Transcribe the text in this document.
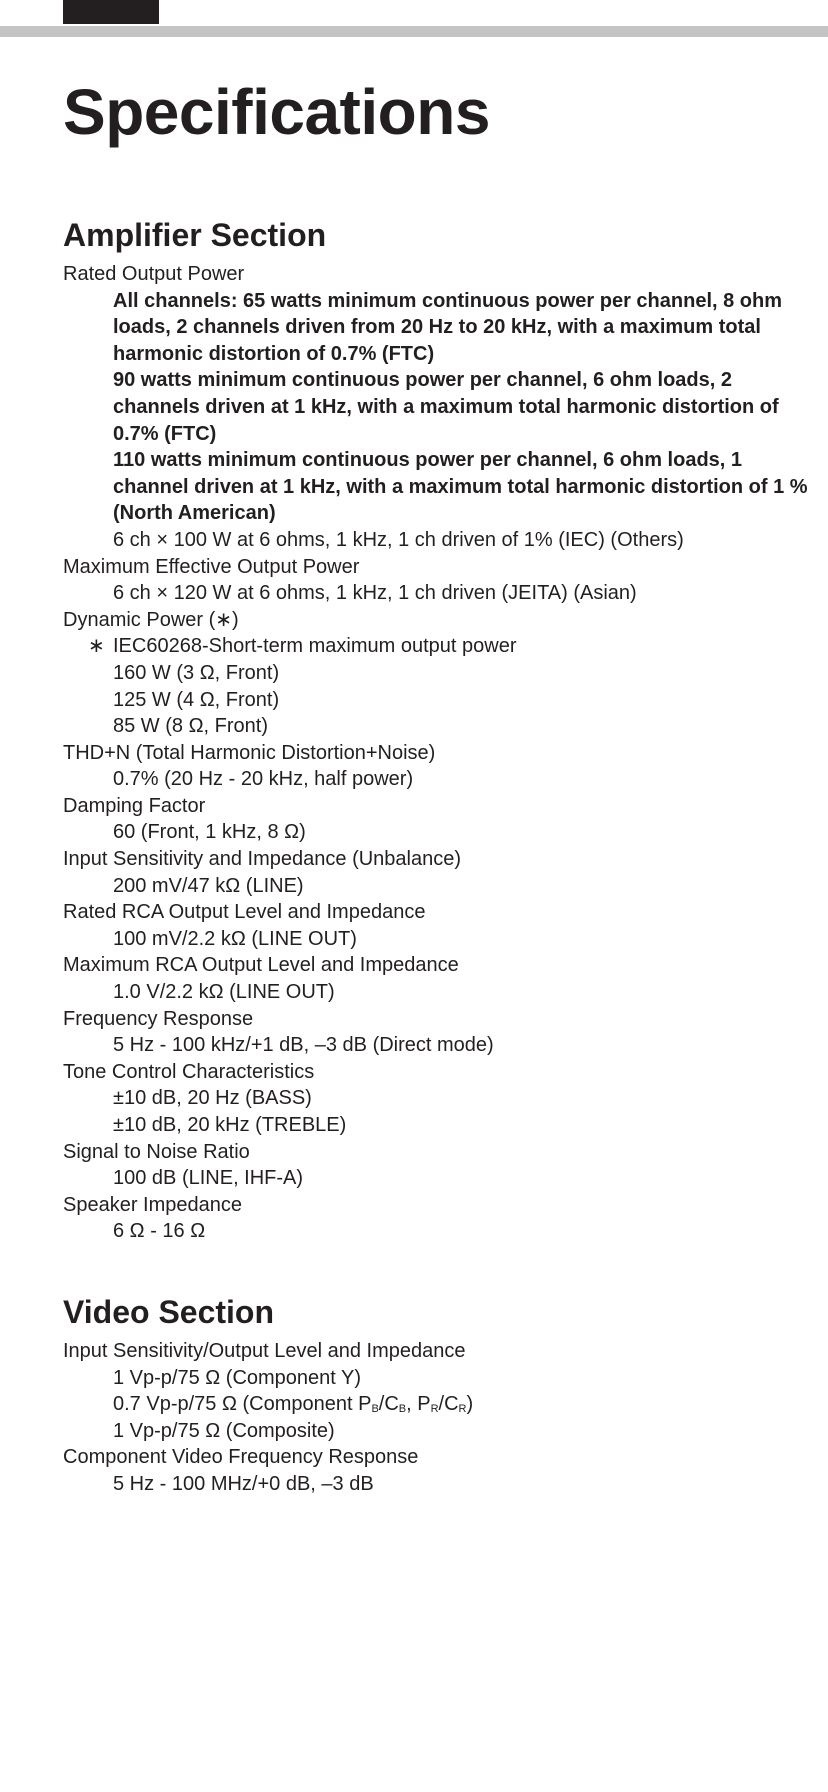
Specifications
Amplifier Section

Rated Output Power

All channels: 65 watts minimum continuous power per channel, 8 ohm loads, 2 channels driven from 20 Hz to 20 kHz, with a maximum total harmonic distortion of 0.7% (FTC)

90 watts minimum continuous power per channel, 6 ohm loads, 2 channels driven at 1 kHz, with a maximum total harmonic distortion of 0.7% (FTC)

110 watts minimum continuous power per channel, 6 ohm loads, 1 channel driven at 1 kHz, with a maximum total harmonic distortion of 1 %

(North American)

6 ch × 100 W at 6 ohms, 1 kHz, 1 ch driven of 1% (IEC) (Others)

Maximum Effective Output Power

6 ch × 120 W at 6 ohms, 1 kHz, 1 ch driven (JEITA) (Asian)

Dynamic Power (∗)

∗ IEC60268-Short-term maximum output power

160 W (3 Ω, Front)

125 W (4 Ω, Front)

85 W (8 Ω, Front)

THD+N (Total Harmonic Distortion+Noise)

0.7% (20 Hz - 20 kHz, half power)

Damping Factor

60 (Front, 1 kHz, 8 Ω)

Input Sensitivity and Impedance (Unbalance)

200 mV/47 kΩ (LINE)

Rated RCA Output Level and Impedance

100 mV/2.2 kΩ (LINE OUT)

Maximum RCA Output Level and Impedance

1.0 V/2.2 kΩ (LINE OUT)

Frequency Response

5 Hz - 100 kHz/+1 dB, –3 dB (Direct mode)

Tone Control Characteristics

±10 dB, 20 Hz (BASS)

±10 dB, 20 kHz (TREBLE)

Signal to Noise Ratio

100 dB (LINE, IHF-A)

Speaker Impedance

6 Ω - 16 Ω

Video Section

Input Sensitivity/Output Level and Impedance

1 Vp-p/75 Ω (Component Y)

0.7 Vp-p/75 Ω (Component $P_B/C_B$, $P_R/C_R$)

1 Vp-p/75 Ω (Composite)

Component Video Frequency Response

5 Hz - 100 MHz/+0 dB, –3 dB
